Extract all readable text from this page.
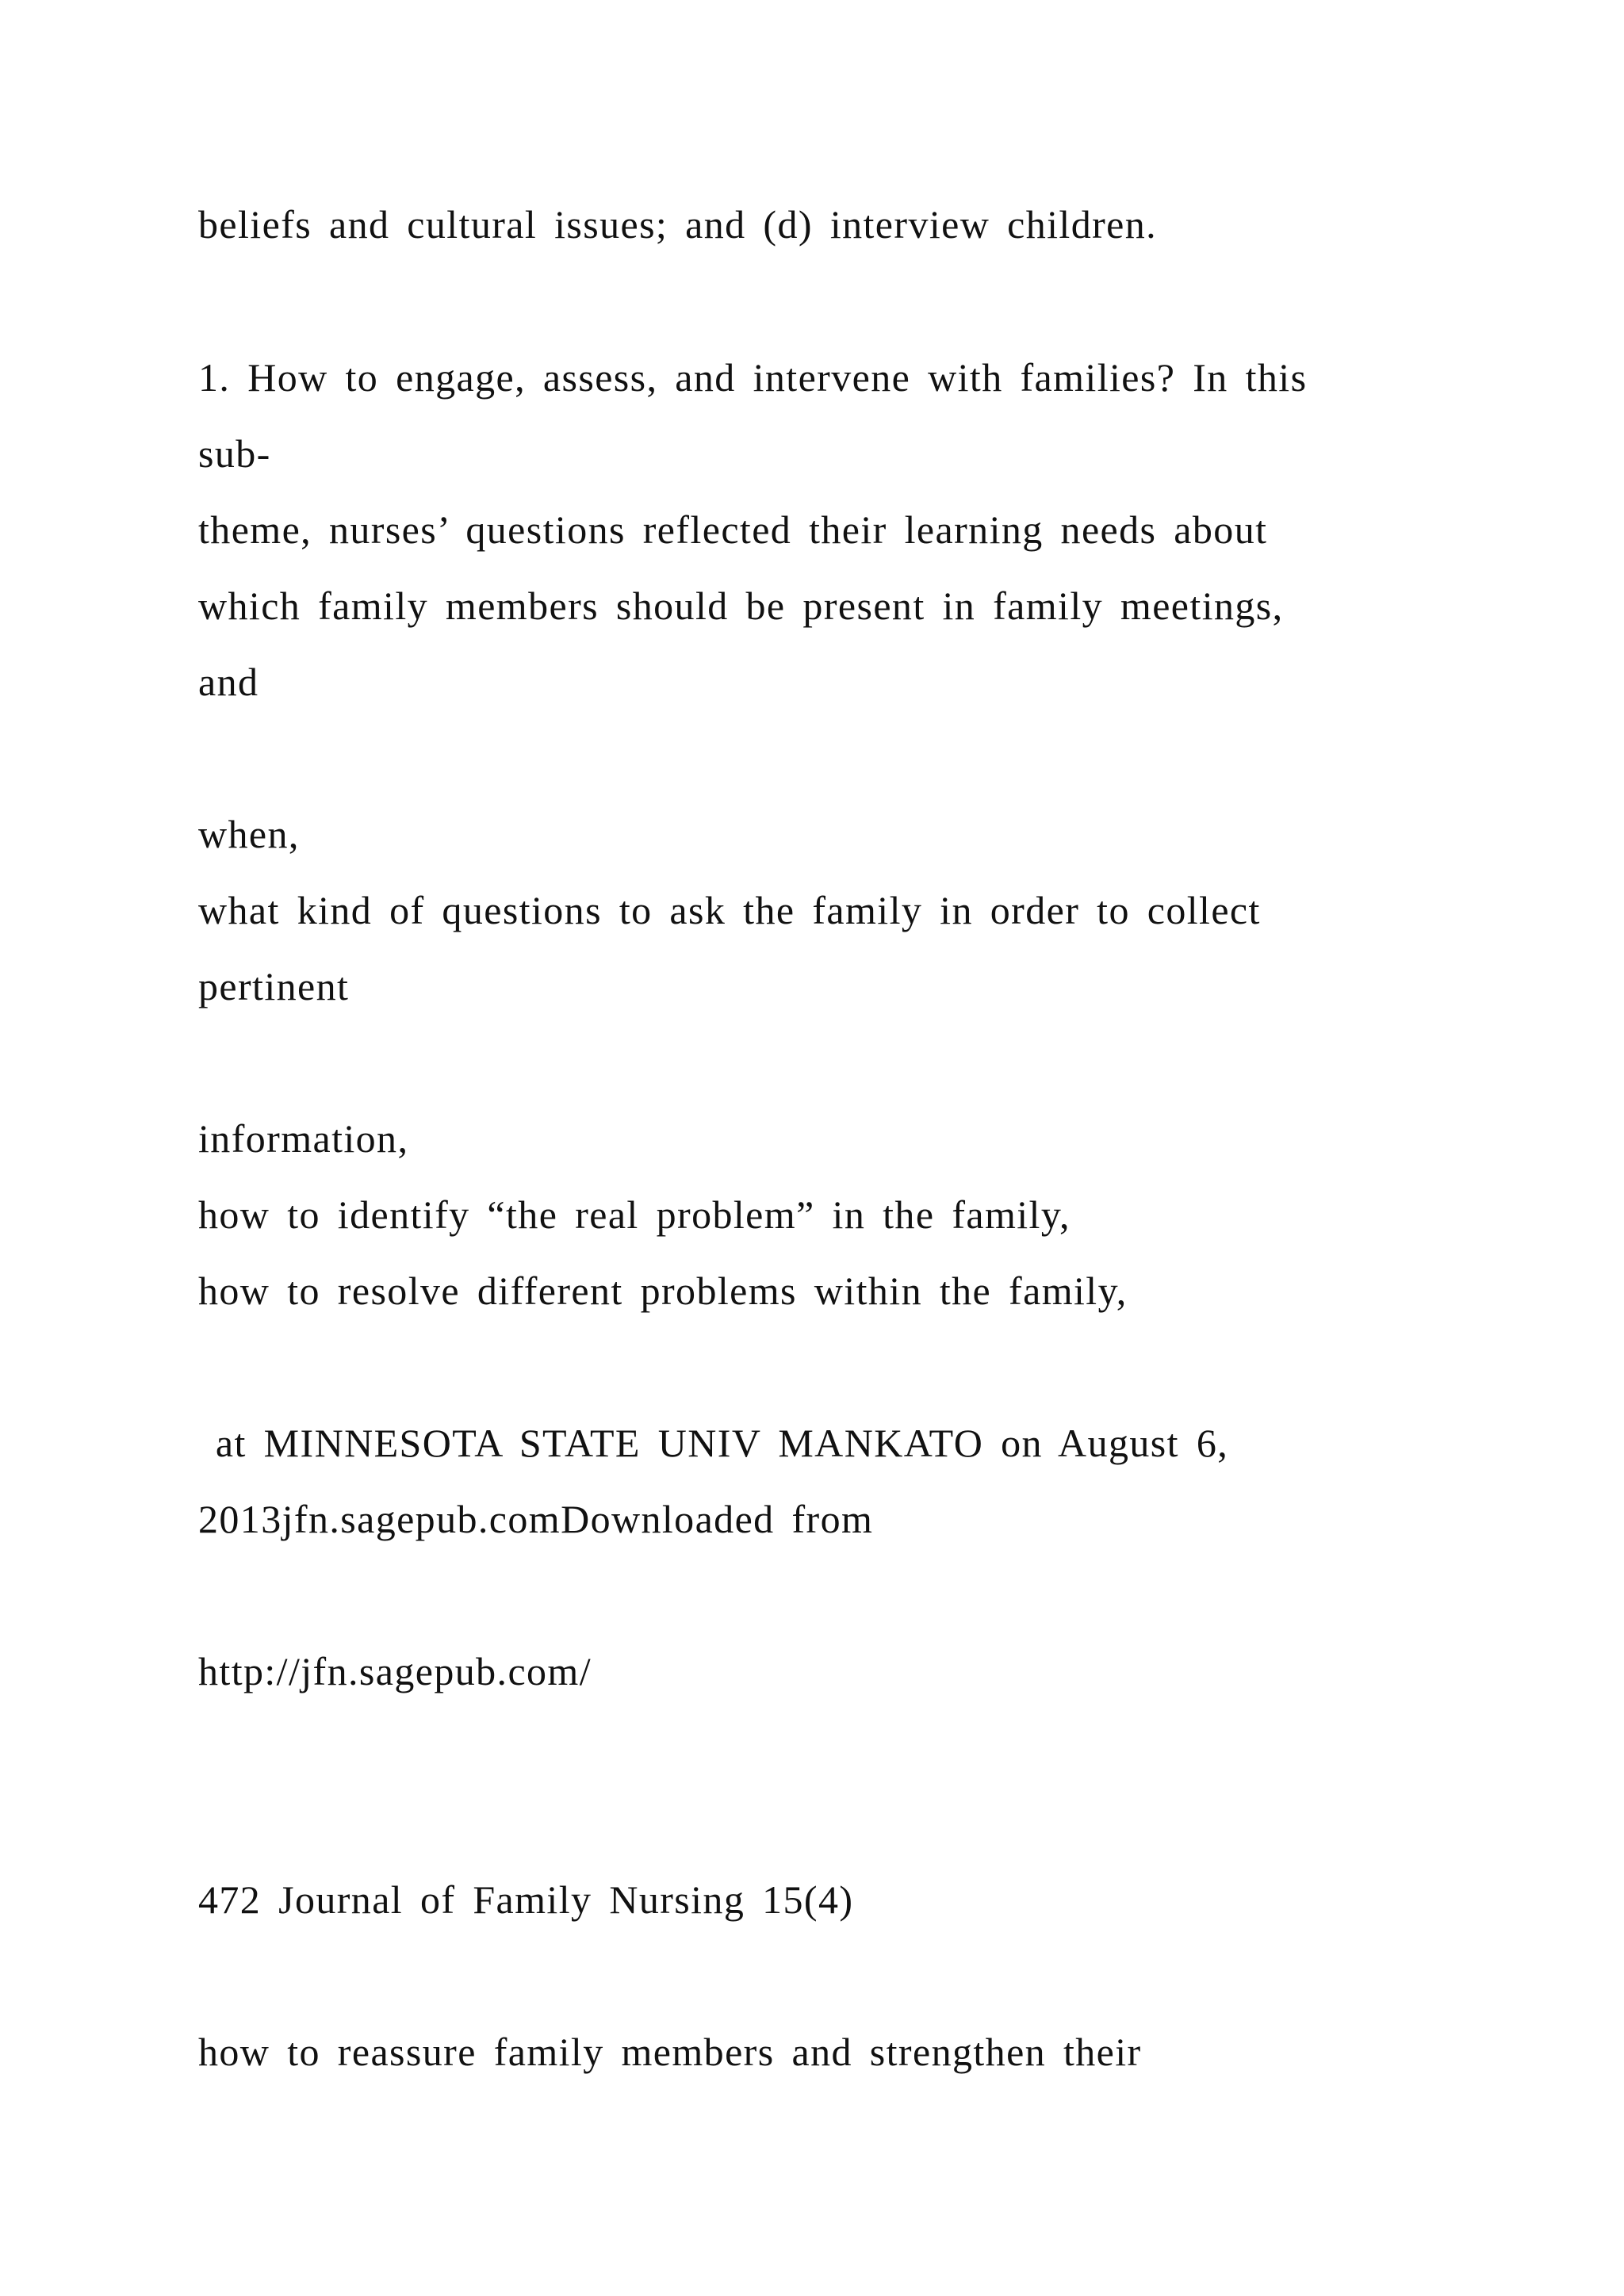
beliefs and cultural issues; and (d) interview children.
1. How to engage, assess, and intervene with families? In this
sub-
theme, nurses’ questions reflected their learning needs about
which family members should be present in family meetings,
and
when,
what kind of questions to ask the family in order to collect
pertinent
information,
how to identify “the real problem” in the family,
how to resolve different problems within the family,
at MINNESOTA STATE UNIV MANKATO on August 6,
2013jfn.sagepub.comDownloaded from
http://jfn.sagepub.com/
472 Journal of Family Nursing 15(4)
how to reassure family members and strengthen their
